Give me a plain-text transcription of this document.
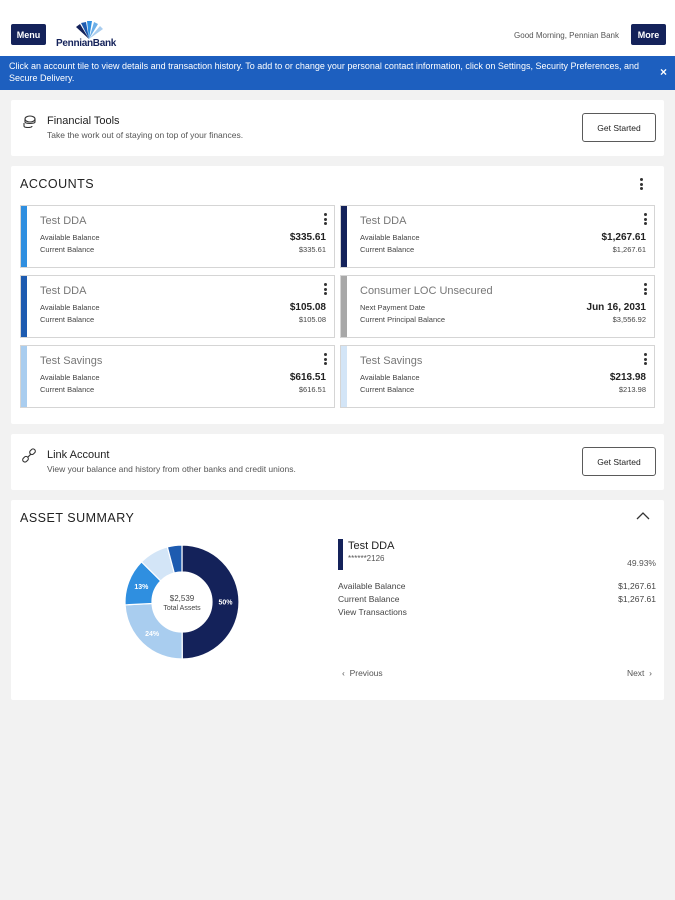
Menu
PennianBank
Good Morning, Pennian Bank	More
Click an account tile to view details and transaction history. To add to or change your personal contact information, click on Settings, Security Preferences, and Secure Delivery.	×
Financial Tools
Take the work out of staying on top of your finances.
Get Started
ACCOUNTS
Test DDA
Available Balance
Current Balance
$335.61
$335.61
Test DDA
Available Balance
Current Balance
$1,267.61
$1,267.61
Test DDA
Available Balance
Current Balance
$105.08
$105.08
Consumer LOC Unsecured
Next Payment Date
Current Principal Balance
Jun 16, 2031
$3,556.92
Test Savings
Available Balance
Current Balance
$616.51
$616.51
Test Savings
Available Balance
Current Balance
$213.98
$213.98
Link Account
View your balance and history from other banks and credit unions.
Get Started
ASSET SUMMARY
50%
24%
13%
$2,539
Total Assets
Test DDA
******2126	49.93%
Available Balance	$1,267.61
Current Balance	$1,267.61
View Transactions
‹ Previous	Next ›
